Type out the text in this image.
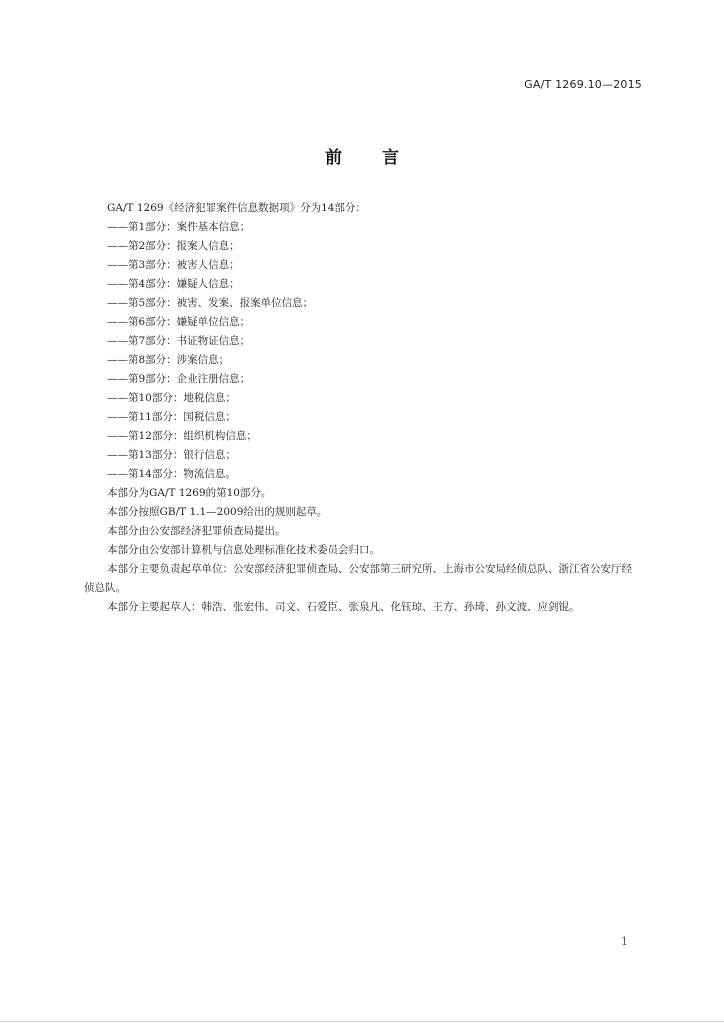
GA/T 1269.10—2015
前言

GA/T 1269《经济犯罪案件信息数据项》分为14部分：

——第1部分：案件基本信息；

——第2部分：报案人信息；

——第3部分：被害人信息；

——第4部分：嫌疑人信息；

——第5部分：被害、发案、报案单位信息；

——第6部分：嫌疑单位信息；

——第7部分：书证物证信息；

——第8部分：涉案信息；

——第9部分：企业注册信息；

——第10部分：地税信息；

——第11部分：国税信息；

——第12部分：组织机构信息；

——第13部分：银行信息；

——第14部分：物流信息。

本部分为GA/T 1269的第10部分。

本部分按照GB/T 1.1—2009给出的规则起草。

本部分由公安部经济犯罪侦查局提出。

本部分由公安部计算机与信息处理标准化技术委员会归口。

本部分主要负责起草单位：公安部经济犯罪侦查局、公安部第三研究所、上海市公安局经侦总队、浙江省公安厅经侦总队。

本部分主要起草人：韩浩、张宏伟、司文、石爱臣、张泉凡、化钰琼、王方、孙琦、孙文波、应剑锟。

1
